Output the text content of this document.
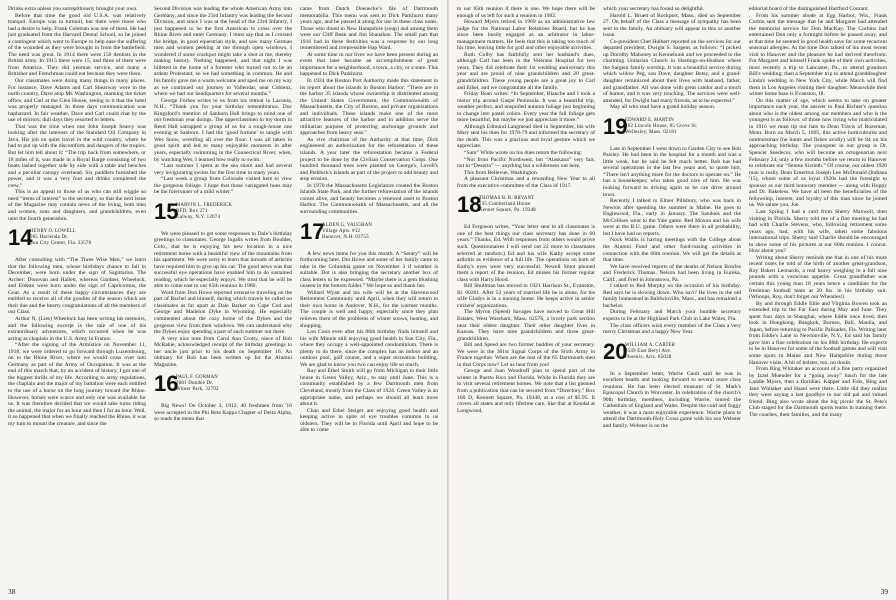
Drinks extra unless you surreptitiously brought your own.

Before that time the good old U.S.A. was relatively tranquil. Europe was in turmoil, but there were those who had a desire to help. Frank Coleman was one of them. He had just graduated from the Harvard Dental School, so he joined a contingent which went to Europe to help ease the suffering of the wounded as they were brought in from the battlefield. The need was great. In 1914 there were 150 dentists in the British army. In 1915 there were 15, and three of them were from America. They did yeoman service, and many a Britisher and Frenchman could eat because they were there.

Our classmates were doing many things in many places. For instance, Dave Adams and Carl Shearway were in the north country, Dave atop Mt. Washington, manning the ticket office, and Carl at the Glen House, seeing to it that the hotel was properly managed. In those days communication was haphazard. In fair weather, Dave and Carl could chat by the use of mirrors; dull days they resorted to letters.

That was the time when one John Joseph Searcy was looking after the interests of the Standard Oil Company in Java. His job on quiet travel in the wild country, where he had to put up with the discomforts and dangers of the tropics. But let him tell about it: “The trip back from somewhere, or 18 miles of it, was made in a Royal Barge consisting of two boats lashed together side by side with a table and benches and a peculiar canopy overhead. Six paddlers furnished the power, and it was a very foot and drinks completed the crew.”

This is an appeal to those of us who can still wiggle so need “items of interest” to the secretary, so that the next issue of the Magazine may contain news of the living, both men and women, sons and daughters, and grandchildren, even unto the fourth generation.

14
HENRY O. LOWELL
905 Hacienda Dr.
Sun City Center, Fla. 33570

After consulting with “The Three Wise Men,” we learn that the following men, whose birthdays chance to fall in December, were born under the sign of Sagittarius. The Archer: Donovan and Hallett, whereas Gardner, Wheelock, and Eldean were born under the sign of Capricornus, the Goat. As a result of these happy circumstances they are entitled to receive all of the goodies of the season which are their due and the hearty congratulations of all the members of our Class.

Arthur N. (Lies) Wheelock has been writing his memoirs, and the following excerpt is the tale of one of his extraordinary adventures, which occurred when he was acting as chaplain in the U.S. Army in France.

“After the signing of the Armistice on November 11, 1918, we were ordered to go forward through Luxembourg, on to the Rhine River, where we would cross over into Germany as part of the Army of Occupation. It was at the end of this march that, by an accident of history, I got one of the biggest thrills of my life. According to army regulations, the chaplain and the major of my battalion were each entitled to the use of a horse on the long journey toward the Rhine. However, horses were scarce and only one was available for us. It was therefore decided that we would take turns riding the animal, the major for an hour and then I for an hour. Well, it so happened that when we finally reached the Rhine, it was my turn to mount the creature, and since the

Second Division was leading the whole American Army into Germany, and since the 23rd Infantry was leading the Second Division, and since I was at the head of the 23rd Infantry, I just happened to be the first American to cross over the Rhine River and enter Germany. I must say that as I crossed the bridge, in good equestrian style, and saw many German men and women peeking at me through open windows, I wondered if some crackpot might take a shot at me, thereby making history. Nothing happened, and that night I was billeted in the home of a forester who turned out to be an ardent Protestant, so we had something in common. He and his family gave me a warm welcome and sped me on my way as we continued our journey to Vallendar, near Coblenz, where we had our headquarters for several months.”

George Forbes writes to us from his retreat in Laconia, N.H.: “Thank you for your birthday remembrance. Doc Kingsford’s mention of Sanborn Hall brings to mind one of our freshman year doings. The upperclassmen in my dorm in Reed Hall satrapped a group of us for a rough-house one evening at Sanborn. I had the ‘good fortune’ to tangle with Wes Snow, wrestling all over the floor. I was all taken in good spirit and led to many enjoyable moments in after years, especially swimming in the Connecticut River, when, by watching Wes, I learned how really to swim.

“Last summer I spent at the sea shore and had several very invigorating swims for the first time in many years.

“Last week a group from Colorado visited here to view the gorgeous foliage. I hope that those variegated hues may be the forerunner of a mild winter.”

15
MARVIN L. FREDERICK
RFD, Box 271
Galway, N.Y. 12074

We were pleased to get some responses to Dale’s birthday greetings to classmates. George Ingalls writes from Boulder, Colo., that he is enjoying his new location in a nice retirement home with a beautiful view of the mountains from his apartment. We were sorry to learn that inroads of arthritis have required him to give up his car. The good news was that successful eye operations have enabled him to do sustained reading, which he especially enjoys. We trust that he will be able to come east to our 65th reunion in 1980.

Word from Don Howe reported extensive traveling on the part of Rachel and himself, during which travels he called on classmates as far apart as Dale Barker on Cape Cod and George and Madelon Dyke in Wyoming. He especially commented about the cozy home of the Dykes and the gorgeous view from their windows. We can understand why the Dykes enjoy spending a part of each summer out there.

A very nice note from Carol Ann Crotty, niece of Bob McRabie, acknowledged receipt of the birthday greetings to her uncle just prior to his death on September 16. An obituary for Bob has been written up for the Alumni Magazine.

16
PAUL F. GORMAN
2081 Dundee Dr.
Winter Park, 32792

Big News! On October 3, 1912, 40 freshmen from '16 were accepted in the Phi Beta Kappa Chapter of Delta Alpha, so reads the menu that

came from Dutch Doenecke’s file of Dartmouth memorabilia. This menu was sent to Dick Parkhurst many years ago, and he passed it along for use in these class notes. Those who dined in New Hampshire (soup) and among them were our Cliff Bean and Jim Shanahan. The small part that 1916 had in these festivities was a response by our long remembered and irrepressible Hap Ward.

At some time in our lives we have been present during an event that later became an accomplishment of great importance for a neighborhood, a town, a city, or a state. This happened to Dick Parkhurst.

In 1924 the Boston Port Authority made this statement in its report about the islands in Boston Harbor: “There are in the harbor 35 islands whose ownership is distributed among the United States Government, the Commonwealth of Massachusetts, the City of Boston, and private organizations and individuals. These islands make one of the most attractive features of the harbor and in addition serve the utilitarian purpose of protecting anchorage grounds and approaches from heavy seas.”

As vice chairman of the Authority at that time, Dick engineered an authorization for the reforestation of these islands. A year later the reforestation became a Federal project to be done by the Civilian Conservation Corps. One hundred thousand trees were planted on George's, Lovell's and Peddock's Islands as part of the project to add beauty and stop erosion.

In 1970 the Massachusetts Legislature created the Boston Islands State Park, and the further reforestation of the islands comes alive, and beauty becomes a renewed asset to Boston Harbor. The Commonwealth of Massachusetts, and all the surrounding communities.

17
ALDEN G. VAUGHAN
Village Apts. #12
Hanover, N.H. 03755

A few news items for you this month. A “Sentry” will be forthcoming later. Dot Howe and some of her family came to take in the Columbia game on November 3 if weather is suitable. Dot is also bringing the secretary another box of class letters to be expressed. “Maybe there is a gem blushing unseen in the bottom folder.” We hope so and thank her.

Willard Wyatt and his wife will be at the Havenwood Retirement Community until April, when they will return to their own home in Andover, N.H., for the warmer months. The couple is well and happy, especially since they plan relieves them of the problems of winter snows, heating, and shopping.

Lon Coon even after his 86th birthday finds himself and his wife Minnie still enjoying good health in Sun City, Fla., where they occupy a well-appointed condominium. There is plenty to do there, since the complex has an indoor and an outdoor pool, golf course, and a super recreation building. We are glad to know you two can enjoy life so much.

Ray and Ethel Smith will go from Michigan to their little house in Green Valley, Ariz., to stay until June. This is a community established by a few Dartmouth men from Cleveland, mostly from the Class of 1924. Green Valley is an appropriate name, and perhaps we should all learn more about it.

Chan and Ethel Steiger are enjoying good health and keeping active in spite of eye troubles common to us oldsters. They will be in Florida until April and hope to be able to come

38

to our 65th reunion if there is one. We hope there will be enough of us left for such a reunion in 1982.

Howard Myers retired in 1969 as an administrative law judge for the National Labor Relations Board, but he has since been busily engaged as an arbitrator in labor-management matters. He feels that this is taking too much of his time, leaving little for golf and other enjoyable activities.

Ruth Colby has faithfully sent her husband's dues, although Carl has been in the Veterans Hospital for two years. They did celebrate their 1st wedding anniversary this year and are proud of nine grandchildren and 20 great-grandchildren. These young people are a great joy to Carl and Ethel, and we congratulate all the family.

Friday Bean writes: “In September, Blanche and I took a motor trip around Gaspé Peninsula. It was a beautiful trip, weather perfect, and unspoiled autumn foliage just beginning to change into pastel colors. Every year the fall foliage gets more beautiful, but maybe we just appreciate it more.”

Although Edmund Langmead died in September, his wife Mary sent his dues for 1978-79 and informed the secretary of the death. This was a gracious and loyal gesture which we appreciate.

“Sam” White wrote on his dues return the following:

“Not from Pacific Northwest, but “Alaskana” very fair, not in “Deserto” — anything but a wilderness out here.

This from Bellevue, Washington.

A pleasant Christmas and a rewarding New Year to all from the executive committee of the Class of 1917.

18
THOMAS B. R. BRYANT
235 Cumberland House
Kennet Square, Pa. 19348

Ed Ferguson writes, “Your letter sent to all classmates is one of the best things our class secretary has done in 60 years.” Thanks, Ed. With responses from others would prove such. Questionnaires I will send out 22 more to classmates selected at random.) Ed and his wife Kathy accept some arthritis as evidence of a full life. The operations on both of Kathy's eyes were very successful. Newell Smot phoned them a report of the reunion. Ed misses his former regular class with Harry Hood.

Bill Shullman has moved to 1921 Harrison St., Evanston, Ill. 60201. After 53 years of married life he is alone, for his wife Gladys is in a nursing home. He keeps active in senior citizens' organizations.

The Myron (Speed) Savages have moved to Great Hill Estates, West Wareham, Mass. 02576, a lovely park section near their oldest daughter. Their other daughter lives in Kansas. They have nine grandchildren and three great-grandchildren.

Bill and Speed are two former buddies of your secretary. We were in the 301st Signal Corps of the Sixth Army in France together. When are the rest of the 65 Dartmouth men in that Corps now? Let us hear from you!

George and Joan Woodruff plan to spend part of the winter in Puerto Rico and Florida. While in Florida they are to visit several retirement homes. We note that a list gleaned from a publication that can be secured from “Directory,” Box 160 D, Kennett Square, Pa. 19348, at a cost of $5.95. It covers all states and only lifetime care, like that at Kendal at Longwood,

which your secretary has found so delightful.

Harold L. Bruett of Rockport, Mass., died on September 27. On behalf of the Class a message of sympathy has been sent to the family. An obituary will appear in this or another issue.

Co-president Chet Hulbert reported on the services for our departed president, Dwight S. Sargent, as follows: “I picked up Dorothy Mahoney at Kennebunk and we proceeded to the charming Unitarian Church in Hastings-on-Hudson where the Sargent family worship. It was a beautiful service during which widow Peg, son Dave, daughter Betsy, and a grand-daughter reminisced about their lives with husband, father, and grandfather. All was done with great candor and a touch of humor, and it was very touching. The services were well-attended, for Dwight had many friends, as to be expected.”

May all who read have a grand holiday season.

19
EDWARD E. MARTIN
402 Lincoln House, 85 Grove St.
Wellesley, Mass. 02181

Late in September I went down to Garden City to see Bob Paisley. He had been in the hospital for a month and was a little weak, but he said he felt much better. Bob has had several operations in the last few years and, to quote him, “There isn't anything more for the doctors to operate on.” He has a housekeeper, who takes good care of him. He was looking forward to driving again so he can drive around town.

Recently I talked to Elmer Pillsbury, who was back in Newton after spending the summer in Maine. He goes to Englewood, Fla., early in January. The Sandoes and the McCellises went to the Yale game. Red Moxon and his wife were at the B.U. game. Others were there in all probability, but I have had no reports.

Nock Wallis is having meetings with the College about the Alumni Fund and other fund-raising activities in connection with the 60th reunion. We will get the details at that time.

We have received reports of the deaths of Nelson Bowles and Frederick Thomas. Nelson had been living in Eureka, Calif., and Fred in Johnstown, Pa.

I talked to Red Murphy on the occasion of his birthday. Red says he is slowing down. Who isn't? He lives in the old family homestead in Baldwinville, Mass., and has remained a bachelor.

During February and March your humble secretary expects to be at the Highland Park Club in Lake Wales, Fla.

The class officers wish every member of the Class a very merry Christmas and a happy New Year.

20
WILLIAM A. CARTER
2549 East Beryl Ave.
Phoenix, Ariz. 85028

In a September letter, Warrie Gault said he was in excellent health and looking forward to several more class reunions. He has been elected treasurer of St. Mark's Episcopal Church in Worcester. In celebration of the church's 90th birthday, members, including Warrie, toured the Cathedrals of England and Wales. Despite the cold and foggy weather, it was a most enjoyable experience. Warrie plans to attend the Dartmouth-Holy Cross game with his son Webster and family. Webster is on the

editorial board of the distinguished Hartford Courant.

From his summer abode at Egg Harbor, Wis., Frank Corbin sent the message that he and Margaret had attended the memorial service for Don MacKay. The Corbins had entertained Don only a fortnight before he passed away, and at that time he seemed in good health save for some recurrent seasonal allergies. At the time Don talked of his most recent visit to Hanover and the pleasure he had derived therefrom. For Margaret and himself Frank spoke of their own activities, most recently a trip to Lancaster, Pa., to attend grandson Bill's wedding; then a September trip to attend granddaughter Linda's wedding in New York City, while March will find them in Los Angeles visiting their daughter. Meanwhile their winter home base is Evanston, Ill.

On this matter of age, which seems to take on greater importance each year, the answer to Paul Richter's question about who is the oldest among our members and who is the youngest is as follows: of those now living who matriculated in 1916 we must tip our hats to Dean Travis of Bozeman, Mont. Born on March 5, 1895, this active horticulturist and outdoorsman (he hunts and fishes avidly) will be 84 on his approaching birthday. The youngster in our group is Dr. Spencer Snedecor, who will become an octogenarian next February 24, only a few months before we return to Hanover to celebrate our “Serene Sixtieth.” Of course, our oldest 1920 man is really Dean Emeritus Joseph Lee McDonald (Indiana '15), whom some of us loyal 1920s had the foresight to sponsor as our third honorary member — along with Hoppy and Dr. Bakeless. We have all been the beneficiaries of the fellowship, interest, and loyalty of this man since he joined us. We salute you, Joe.

Last Spring I had a card from Sherry Maxwell, then visiting in Florida. Sherry told me of a fine meeting he had had with Charlie Stevens, who, following retirement some years ago, had, with his wife, taken some fabulous international trips. Sherry said Charlie should be encouraged to show some of his pictures at our 60th reunion. I concur. How about you?

Writing about Sherry reminds me that in one of his more recent notes he told of the birth of another great-grandson, Roy Bakett Leonardo, a real heavy weighing in a full nine pounds with a voracious appetite. Great grandfather was certain this young man 18 years hence a candidate for the freshman football team at 20 lbs. in his birthday suit. (Whoops, Roy, don't forget our Wheaties!)

By and through Eddie Ellie and Virginia Bowen took an extended trip to the Far East during May and June. They spent four days in Shanghai, where Eddie once lived, then took in Hongkong, Bangkok, Borneo, Bali, Manila, and Japan, before returning to Pacific Palisades, Fla. Writing later from Eddie's Lane in Newtonville, N.Y., Ed said his family gave him a fine celebration on his 80th birthday. He expects to be in Hanover for some of the football games and will visit some spots in Maine and New Hampshire during those Hanover visits. A bit of bolster, too, no doubt.

From Bing Whitaker an account of a fine party organized by Izzel Muender for a “going away” lunch for the late Laddie Myers, then a floridian. Kapper and Fido, Bing and Jane Whitaker and Hazel were there. Little did they realize they were saying a last goodbye to our old pal and valued friend. Bing also wrote about the big picnic the St. Pete's Club staged for the Dartmouth sports teams in training there. The coaches, their families, and the many

39
